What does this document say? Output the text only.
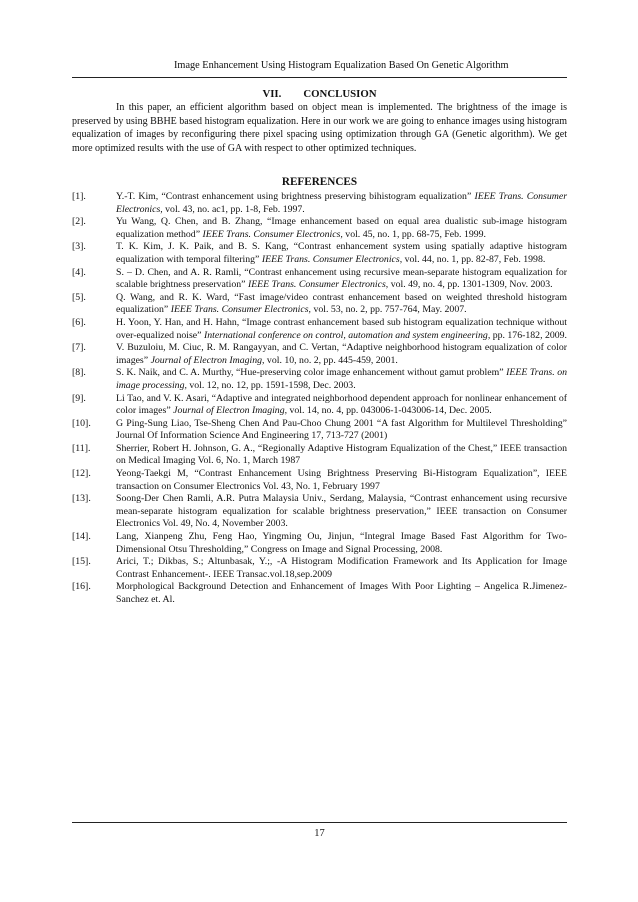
Image Enhancement Using Histogram Equalization Based On Genetic Algorithm
VII. CONCLUSION

In this paper, an efficient algorithm based on object mean is implemented. The brightness of the image is preserved by using BBHE based histogram equalization. Here in our work we are going to enhance images using histogram equalization of images by reconfiguring there pixel spacing using optimization through GA (Genetic algorithm). We get more optimized results with the use of GA with respect to other optimized techniques.

REFERENCES
[1].	Y.-T. Kim, “Contrast enhancement using brightness preserving bihistogram equalization” IEEE Trans. Consumer Electronics, vol. 43, no. ac1, pp. 1-8, Feb. 1997.
[2].	Yu Wang, Q. Chen, and B. Zhang, “Image enhancement based on equal area dualistic sub-image histogram equalization method” IEEE Trans. Consumer Electronics, vol. 45, no. 1, pp. 68-75, Feb. 1999.
[3].	T. K. Kim, J. K. Paik, and B. S. Kang, “Contrast enhancement system using spatially adaptive histogram equalization with temporal filtering” IEEE Trans. Consumer Electronics, vol. 44, no. 1, pp. 82-87, Feb. 1998.
[4].	S. – D. Chen, and A. R. Ramli, “Contrast enhancement using recursive mean-separate histogram equalization for scalable brightness preservation” IEEE Trans. Consumer Electronics, vol. 49, no. 4, pp. 1301-1309, Nov. 2003.
[5].	Q. Wang, and R. K. Ward, “Fast image/video contrast enhancement based on weighted threshold histogram equalization” IEEE Trans. Consumer Electronics, vol. 53, no. 2, pp. 757-764, May. 2007.
[6].	H. Yoon, Y. Han, and H. Hahn, “Image contrast enhancement based sub histogram equalization technique without over-equalized noise” International conference on control, automation and system engineering, pp. 176-182, 2009.
[7].	V. Buzuloiu, M. Ciuc, R. M. Rangayyan, and C. Vertan, “Adaptive neighborhood histogram equalization of color images” Journal of Electron Imaging, vol. 10, no. 2, pp. 445-459, 2001.
[8].	S. K. Naik, and C. A. Murthy, “Hue-preserving color image enhancement without gamut problem” IEEE Trans. on image processing, vol. 12, no. 12, pp. 1591-1598, Dec. 2003.
[9].	Li Tao, and V. K. Asari, “Adaptive and integrated neighborhood dependent approach for nonlinear enhancement of color images” Journal of Electron Imaging, vol. 14, no. 4, pp. 043006-1-043006-14, Dec. 2005.
[10].	G Ping-Sung Liao, Tse-Sheng Chen And Pau-Choo Chung 2001 “A fast Algorithm for Multilevel Thresholding” Journal Of Information Science And Engineering 17, 713-727 (2001)
[11].	Sherrier, Robert H. Johnson, G. A., “Regionally Adaptive Histogram Equalization of the Chest,” IEEE transaction on Medical Imaging Vol. 6, No. 1, March 1987
[12].	Yeong-Taekgi M, “Contrast Enhancement Using Brightness Preserving Bi-Histogram Equalization”, IEEE transaction on Consumer Electronics Vol. 43, No. 1, February 1997
[13].	Soong-Der Chen Ramli, A.R. Putra Malaysia Univ., Serdang, Malaysia, “Contrast enhancement using recursive mean-separate histogram equalization for scalable brightness preservation,” IEEE transaction on Consumer Electronics Vol. 49, No. 4, November 2003.
[14].	Lang, Xianpeng Zhu, Feng Hao, Yingming Ou, Jinjun, “Integral Image Based Fast Algorithm for Two-Dimensional Otsu Thresholding,” Congress on Image and Signal Processing, 2008.
[15].	Arici, T.; Dikbas, S.; Altunbasak, Y.;, -A Histogram Modification Framework and Its Application for Image Contrast Enhancement-. IEEE Transac.vol.18,sep.2009
[16].	Morphological Background Detection and Enhancement of Images With Poor Lighting – Angelica R.Jimenez- Sanchez et. Al.
17
